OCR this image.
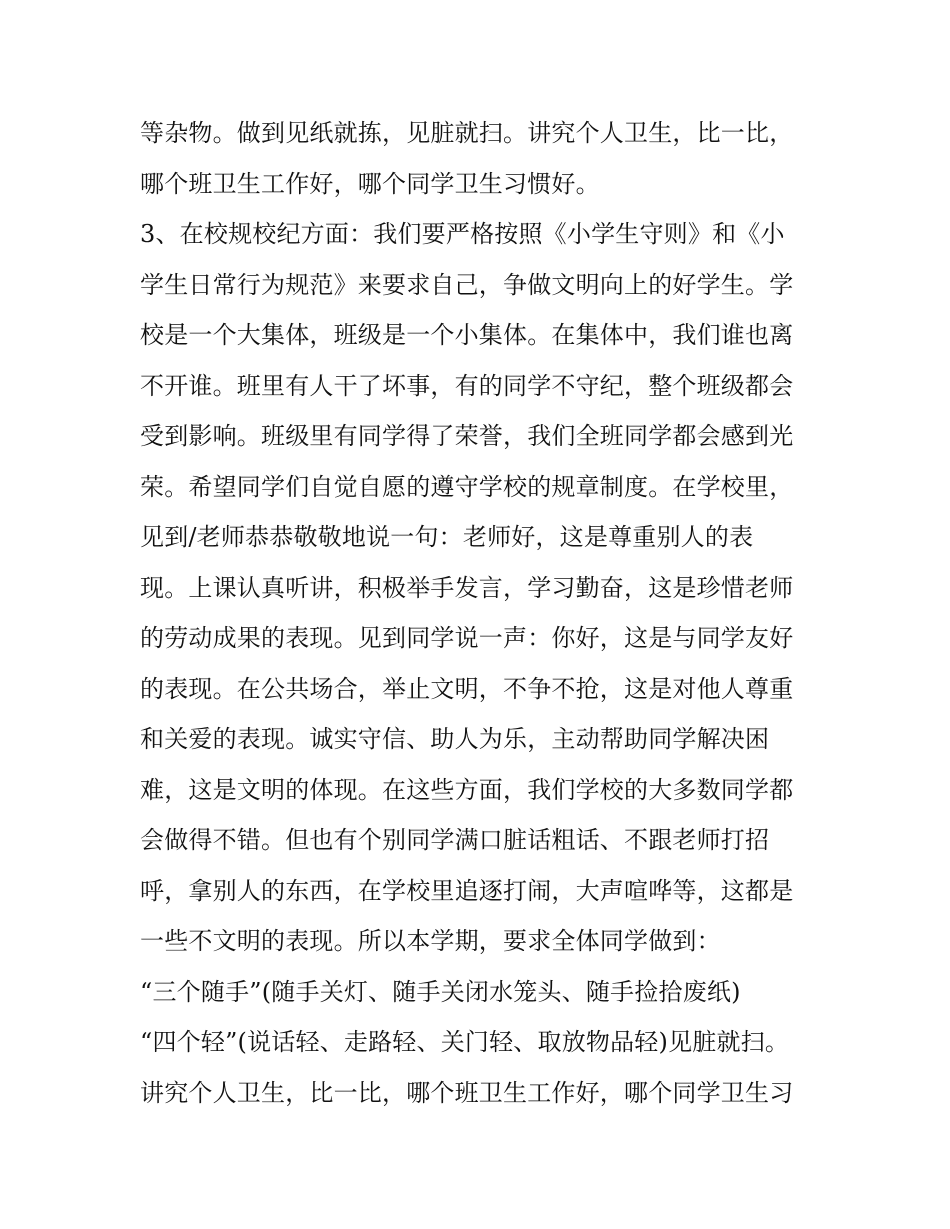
等杂物。做到见纸就拣，见脏就扫。讲究个人卫生，比一比，
哪个班卫生工作好，哪个同学卫生习惯好。
3、在校规校纪方面：我们要严格按照《小学生守则》和《小
学生日常行为规范》来要求自己，争做文明向上的好学生。学
校是一个大集体，班级是一个小集体。在集体中，我们谁也离
不开谁。班里有人干了坏事，有的同学不守纪，整个班级都会
受到影响。班级里有同学得了荣誉，我们全班同学都会感到光
荣。希望同学们自觉自愿的遵守学校的规章制度。在学校里，
见到/老师恭恭敬敬地说一句：老师好，这是尊重别人的表
现。上课认真听讲，积极举手发言，学习勤奋，这是珍惜老师
的劳动成果的表现。见到同学说一声：你好，这是与同学友好
的表现。在公共场合，举止文明，不争不抢，这是对他人尊重
和关爱的表现。诚实守信、助人为乐，主动帮助同学解决困
难，这是文明的体现。在这些方面，我们学校的大多数同学都
会做得不错。但也有个别同学满口脏话粗话、不跟老师打招
呼，拿别人的东西，在学校里追逐打闹，大声喧哗等，这都是
一些不文明的表现。所以本学期，要求全体同学做到：
“三个随手”(随手关灯、随手关闭水笼头、随手捡拾废纸)
“四个轻”(说话轻、走路轻、关门轻、取放物品轻)见脏就扫。
讲究个人卫生，比一比，哪个班卫生工作好，哪个同学卫生习
